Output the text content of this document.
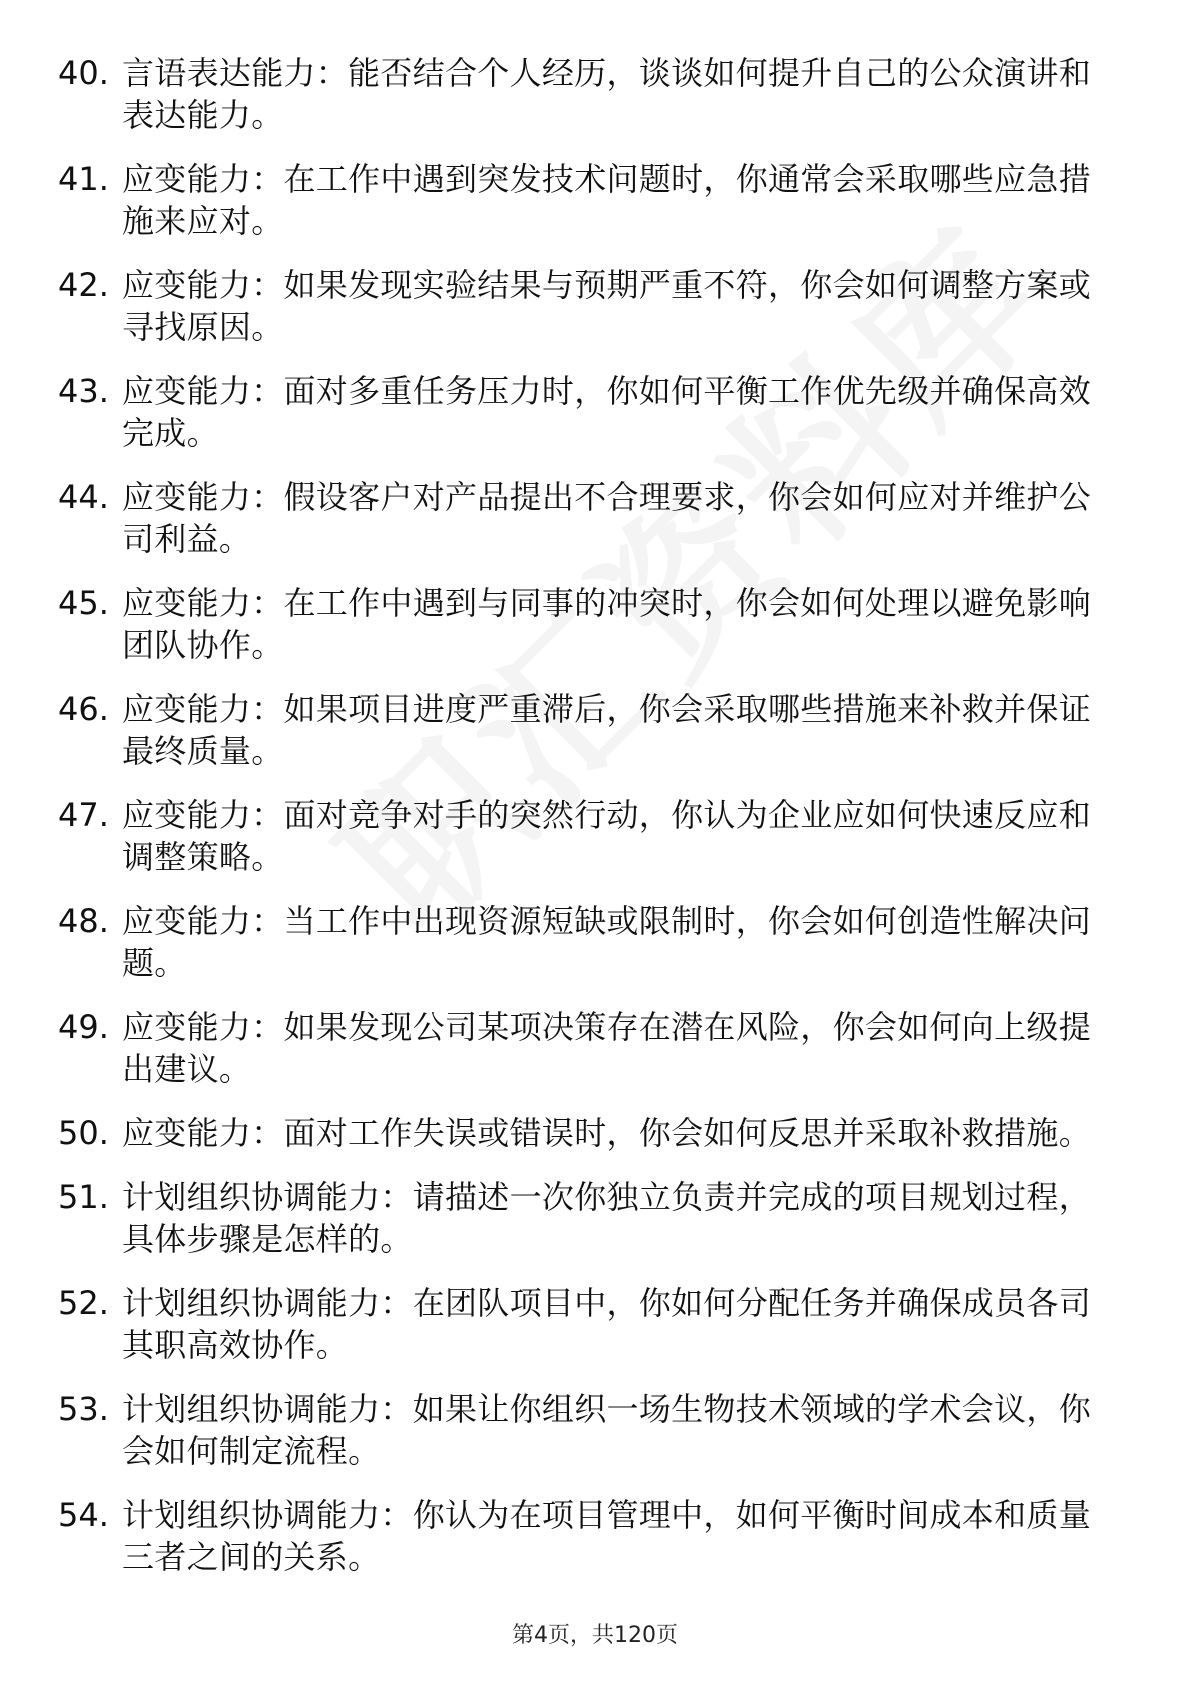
40. 言语表达能力：能否结合个人经历，谈谈如何提升自己的公众演讲和表达能力。
41. 应变能力：在工作中遇到突发技术问题时，你通常会采取哪些应急措施来应对。
42. 应变能力：如果发现实验结果与预期严重不符，你会如何调整方案或寻找原因。
43. 应变能力：面对多重任务压力时，你如何平衡工作优先级并确保高效完成。
44. 应变能力：假设客户对产品提出不合理要求，你会如何应对并维护公司利益。
45. 应变能力：在工作中遇到与同事的冲突时，你会如何处理以避免影响团队协作。
46. 应变能力：如果项目进度严重滞后，你会采取哪些措施来补救并保证最终质量。
47. 应变能力：面对竞争对手的突然行动，你认为企业应如何快速反应和调整策略。
48. 应变能力：当工作中出现资源短缺或限制时，你会如何创造性解决问题。
49. 应变能力：如果发现公司某项决策存在潜在风险，你会如何向上级提出建议。
50. 应变能力：面对工作失误或错误时，你会如何反思并采取补救措施。
51. 计划组织协调能力：请描述一次你独立负责并完成的项目规划过程，具体步骤是怎样的。
52. 计划组织协调能力：在团队项目中，你如何分配任务并确保成员各司其职高效协作。
53. 计划组织协调能力：如果让你组织一场生物技术领域的学术会议，你会如何制定流程。
54. 计划组织协调能力：你认为在项目管理中，如何平衡时间成本和质量三者之间的关系。
第4页，共120页
